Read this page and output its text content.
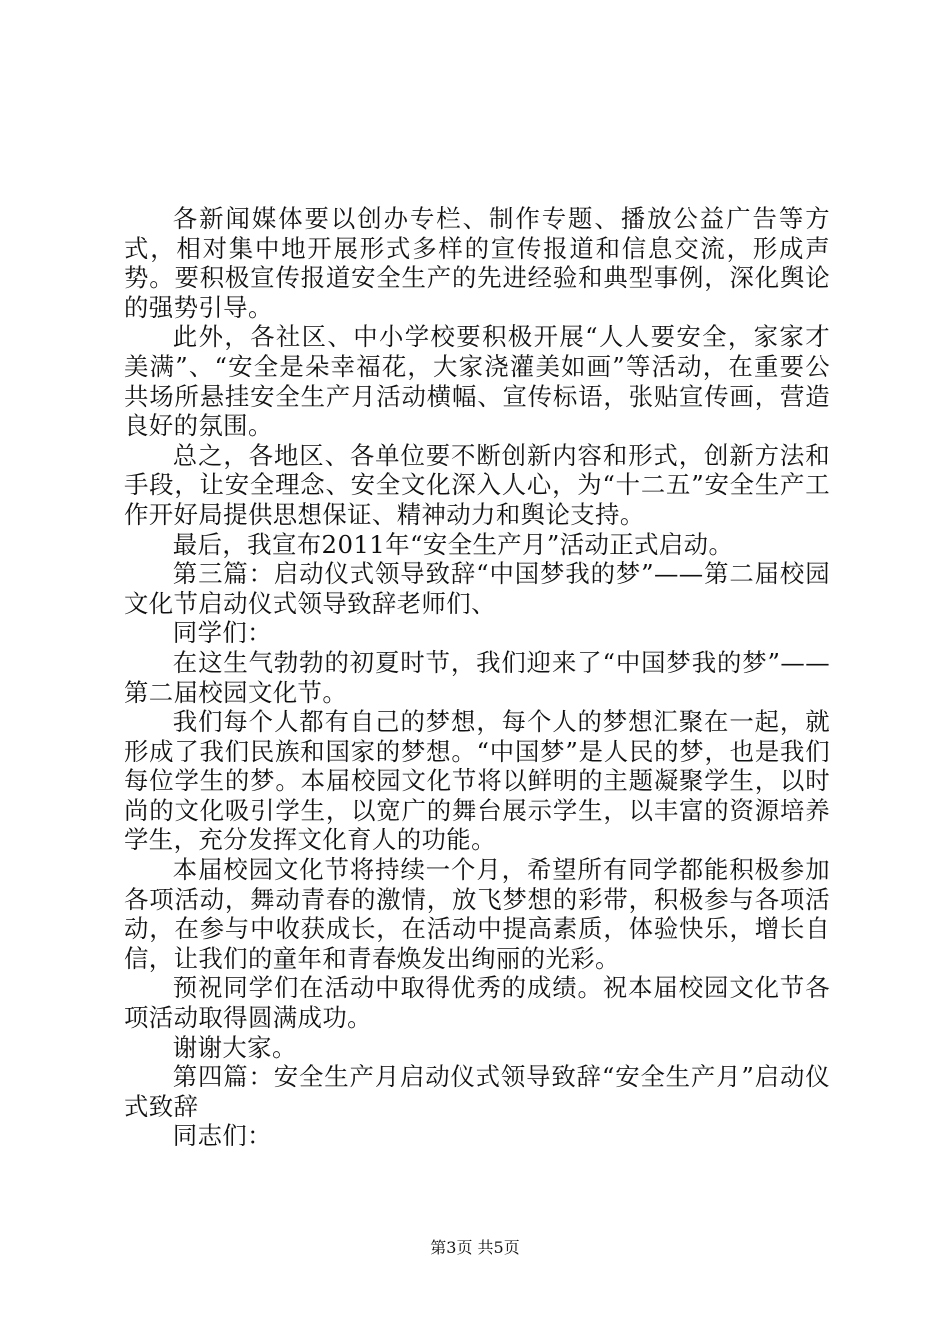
各新闻媒体要以创办专栏、制作专题、播放公益广告等方式，相对集中地开展形式多样的宣传报道和信息交流，形成声势。要积极宣传报道安全生产的先进经验和典型事例，深化舆论的强势引导。

此外，各社区、中小学校要积极开展“人人要安全，家家才美满”、“安全是朵幸福花，大家浇灌美如画”等活动，在重要公共场所悬挂安全生产月活动横幅、宣传标语，张贴宣传画，营造良好的氛围。

总之，各地区、各单位要不断创新内容和形式，创新方法和手段，让安全理念、安全文化深入人心，为“十二五”安全生产工作开好局提供思想保证、精神动力和舆论支持。

最后，我宣布2011年“安全生产月”活动正式启动。

第三篇：启动仪式领导致辞“中国梦我的梦”——第二届校园文化节启动仪式领导致辞老师们、

同学们：

在这生气勃勃的初夏时节，我们迎来了“中国梦我的梦”——第二届校园文化节。

我们每个人都有自己的梦想，每个人的梦想汇聚在一起，就形成了我们民族和国家的梦想。“中国梦”是人民的梦，也是我们每位学生的梦。本届校园文化节将以鲜明的主题凝聚学生，以时尚的文化吸引学生，以宽广的舞台展示学生，以丰富的资源培养学生，充分发挥文化育人的功能。

本届校园文化节将持续一个月，希望所有同学都能积极参加各项活动，舞动青春的激情，放飞梦想的彩带，积极参与各项活动，在参与中收获成长，在活动中提高素质，体验快乐，增长自信，让我们的童年和青春焕发出绚丽的光彩。

预祝同学们在活动中取得优秀的成绩。祝本届校园文化节各项活动取得圆满成功。

谢谢大家。

第四篇：安全生产月启动仪式领导致辞“安全生产月”启动仪式致辞

同志们：

第3页 共5页
